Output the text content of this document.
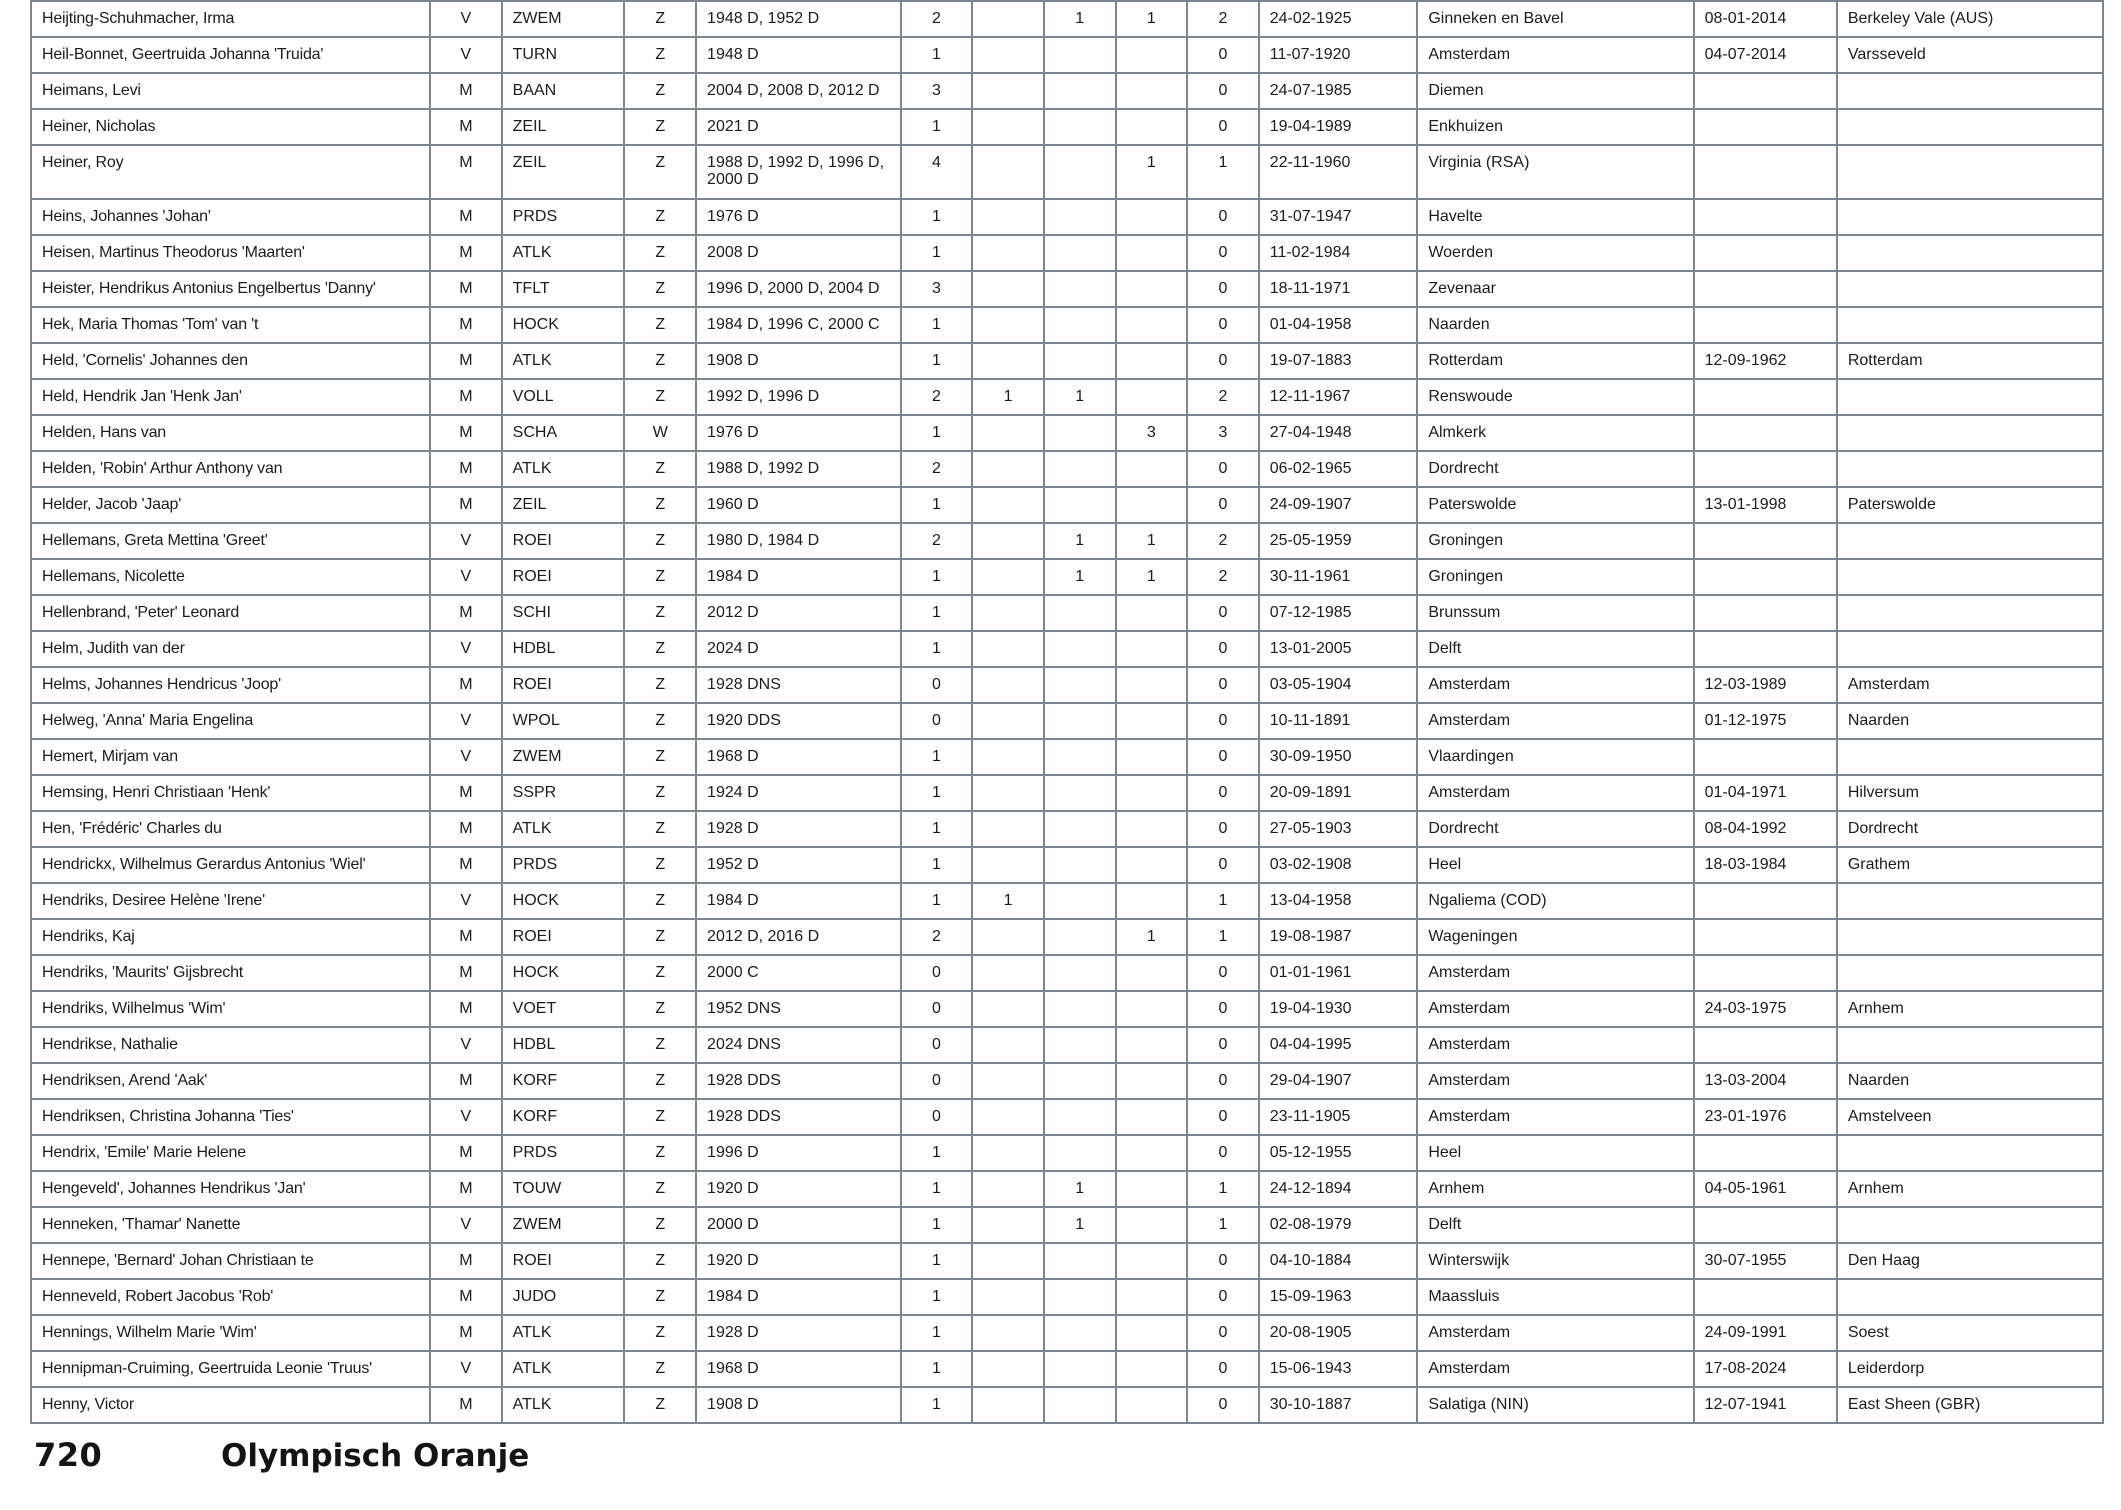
Heijting-Schuhmacher, Irma	V	ZWEM	Z	1948 D, 1952 D	2		1	1	2	24-02-1925	Ginneken en Bavel	08-01-2014	Berkeley Vale (AUS)
Heil-Bonnet, Geertruida Johanna 'Truida'	V	TURN	Z	1948 D	1				0	11-07-1920	Amsterdam	04-07-2014	Varsseveld
Heimans, Levi	M	BAAN	Z	2004 D, 2008 D, 2012 D	3				0	24-07-1985	Diemen		
Heiner, Nicholas	M	ZEIL	Z	2021 D	1				0	19-04-1989	Enkhuizen		
Heiner, Roy	M	ZEIL	Z	1988 D, 1992 D, 1996 D, 2000 D	4			1	1	22-11-1960	Virginia (RSA)		
Heins, Johannes 'Johan'	M	PRDS	Z	1976 D	1				0	31-07-1947	Havelte		
Heisen, Martinus Theodorus 'Maarten'	M	ATLK	Z	2008 D	1				0	11-02-1984	Woerden		
Heister, Hendrikus Antonius Engelbertus 'Danny'	M	TFLT	Z	1996 D, 2000 D, 2004 D	3				0	18-11-1971	Zevenaar		
Hek, Maria Thomas 'Tom' van 't	M	HOCK	Z	1984 D, 1996 C, 2000 C	1				0	01-04-1958	Naarden		
Held, 'Cornelis' Johannes den	M	ATLK	Z	1908 D	1				0	19-07-1883	Rotterdam	12-09-1962	Rotterdam
Held, Hendrik Jan 'Henk Jan'	M	VOLL	Z	1992 D, 1996 D	2	1	1		2	12-11-1967	Renswoude		
Helden, Hans van	M	SCHA	W	1976 D	1			3	3	27-04-1948	Almkerk		
Helden, 'Robin' Arthur Anthony van	M	ATLK	Z	1988 D, 1992 D	2				0	06-02-1965	Dordrecht		
Helder, Jacob 'Jaap'	M	ZEIL	Z	1960 D	1				0	24-09-1907	Paterswolde	13-01-1998	Paterswolde
Hellemans, Greta Mettina 'Greet'	V	ROEI	Z	1980 D, 1984 D	2		1	1	2	25-05-1959	Groningen		
Hellemans, Nicolette	V	ROEI	Z	1984 D	1		1	1	2	30-11-1961	Groningen		
Hellenbrand, 'Peter' Leonard	M	SCHI	Z	2012 D	1				0	07-12-1985	Brunssum		
Helm, Judith van der	V	HDBL	Z	2024 D	1				0	13-01-2005	Delft		
Helms, Johannes Hendricus 'Joop'	M	ROEI	Z	1928 DNS	0				0	03-05-1904	Amsterdam	12-03-1989	Amsterdam
Helweg, 'Anna' Maria Engelina	V	WPOL	Z	1920 DDS	0				0	10-11-1891	Amsterdam	01-12-1975	Naarden
Hemert, Mirjam van	V	ZWEM	Z	1968 D	1				0	30-09-1950	Vlaardingen		
Hemsing, Henri Christiaan 'Henk'	M	SSPR	Z	1924 D	1				0	20-09-1891	Amsterdam	01-04-1971	Hilversum
Hen, 'Frédéric' Charles du	M	ATLK	Z	1928 D	1				0	27-05-1903	Dordrecht	08-04-1992	Dordrecht
Hendrickx, Wilhelmus Gerardus Antonius 'Wiel'	M	PRDS	Z	1952 D	1				0	03-02-1908	Heel	18-03-1984	Grathem
Hendriks, Desiree Helène 'Irene'	V	HOCK	Z	1984 D	1	1			1	13-04-1958	Ngaliema (COD)		
Hendriks, Kaj	M	ROEI	Z	2012 D, 2016 D	2			1	1	19-08-1987	Wageningen		
Hendriks, 'Maurits' Gijsbrecht	M	HOCK	Z	2000 C	0				0	01-01-1961	Amsterdam		
Hendriks, Wilhelmus 'Wim'	M	VOET	Z	1952 DNS	0				0	19-04-1930	Amsterdam	24-03-1975	Arnhem
Hendrikse, Nathalie	V	HDBL	Z	2024 DNS	0				0	04-04-1995	Amsterdam		
Hendriksen, Arend 'Aak'	M	KORF	Z	1928 DDS	0				0	29-04-1907	Amsterdam	13-03-2004	Naarden
Hendriksen, Christina Johanna 'Ties'	V	KORF	Z	1928 DDS	0				0	23-11-1905	Amsterdam	23-01-1976	Amstelveen
Hendrix, 'Emile' Marie Helene	M	PRDS	Z	1996 D	1				0	05-12-1955	Heel		
Hengeveld', Johannes Hendrikus 'Jan'	M	TOUW	Z	1920 D	1		1		1	24-12-1894	Arnhem	04-05-1961	Arnhem
Henneken, 'Thamar' Nanette	V	ZWEM	Z	2000 D	1		1		1	02-08-1979	Delft		
Hennepe, 'Bernard' Johan Christiaan te	M	ROEI	Z	1920 D	1				0	04-10-1884	Winterswijk	30-07-1955	Den Haag
Henneveld, Robert Jacobus 'Rob'	M	JUDO	Z	1984 D	1				0	15-09-1963	Maassluis		
Hennings, Wilhelm Marie 'Wim'	M	ATLK	Z	1928 D	1				0	20-08-1905	Amsterdam	24-09-1991	Soest
Hennipman-Cruiming, Geertruida Leonie 'Truus'	V	ATLK	Z	1968 D	1				0	15-06-1943	Amsterdam	17-08-2024	Leiderdorp
Henny, Victor	M	ATLK	Z	1908 D	1				0	30-10-1887	Salatiga (NIN)	12-07-1941	East Sheen (GBR)
720	Olympisch Oranje
